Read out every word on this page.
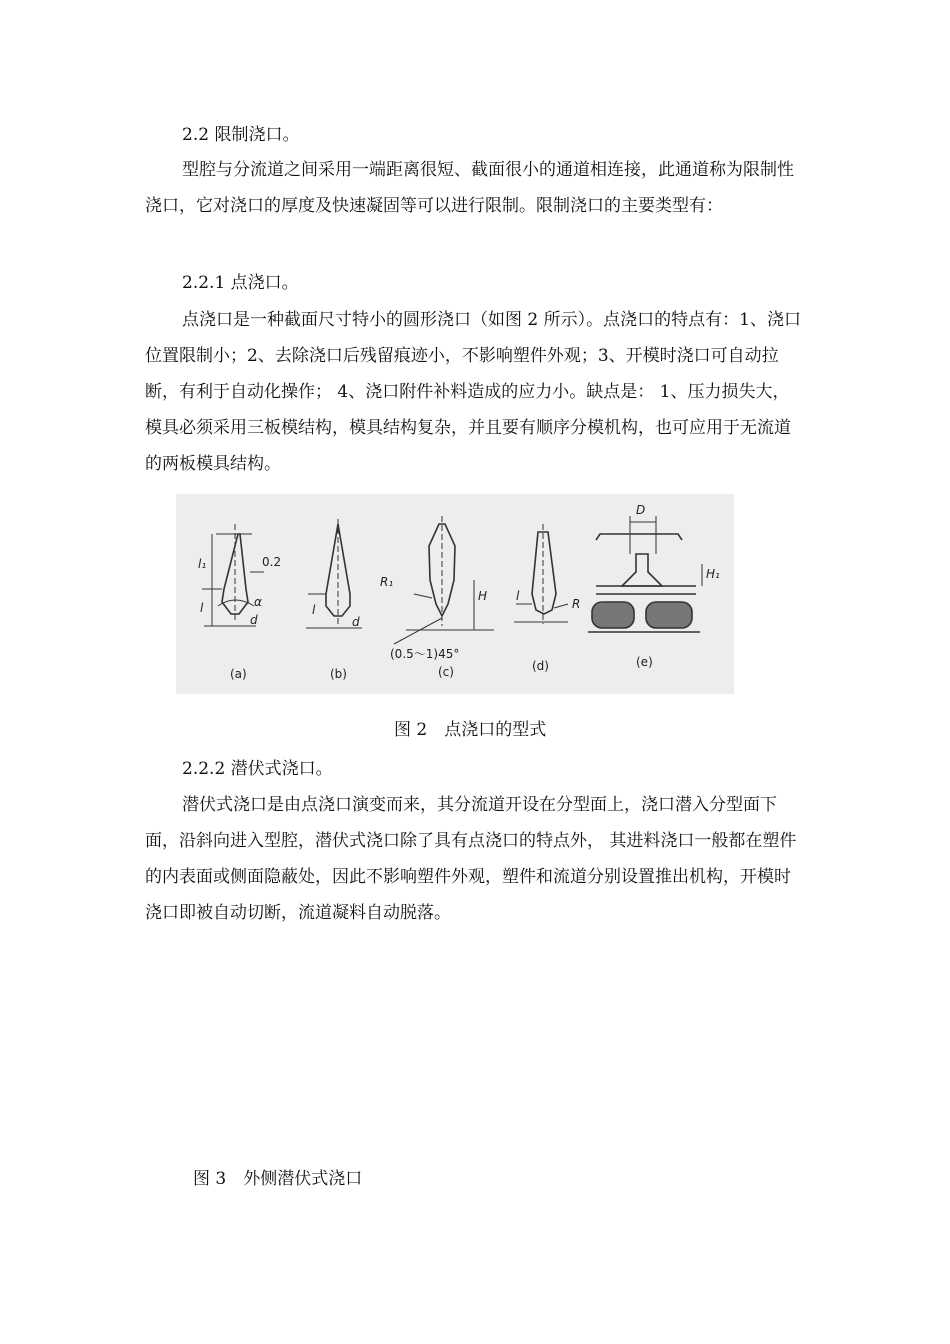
2.2 限制浇口。

型腔与分流道之间采用一端距离很短、截面很小的通道相连接，此通道称为限制性浇口，它对浇口的厚度及快速凝固等可以进行限制。限制浇口的主要类型有：

2.2.1 点浇口。

点浇口是一种截面尺寸特小的圆形浇口（如图 2 所示）。点浇口的特点有：1、浇口位置限制小；2、去除浇口后残留痕迹小，不影响塑件外观；3、开模时浇口可自动拉断，有利于自动化操作； 4、浇口附件补料造成的应力小。缺点是： 1、压力损失大，模具必须采用三板模结构，模具结构复杂，并且要有顺序分模机构，也可应用于无流道的两板模具结构。

l₁
l
0.2
α
d
l
d
R₁
H
(0.5～1)45°
l
R
D
H₁
(a)	(b)	(c)	(d)	(e)

图 2　点浇口的型式

2.2.2 潜伏式浇口。

潜伏式浇口是由点浇口演变而来，其分流道开设在分型面上，浇口潜入分型面下面，沿斜向进入型腔，潜伏式浇口除了具有点浇口的特点外， 其进料浇口一般都在塑件的内表面或侧面隐蔽处，因此不影响塑件外观，塑件和流道分别设置推出机构，开模时浇口即被自动切断，流道凝料自动脱落。

图 3　外侧潜伏式浇口
